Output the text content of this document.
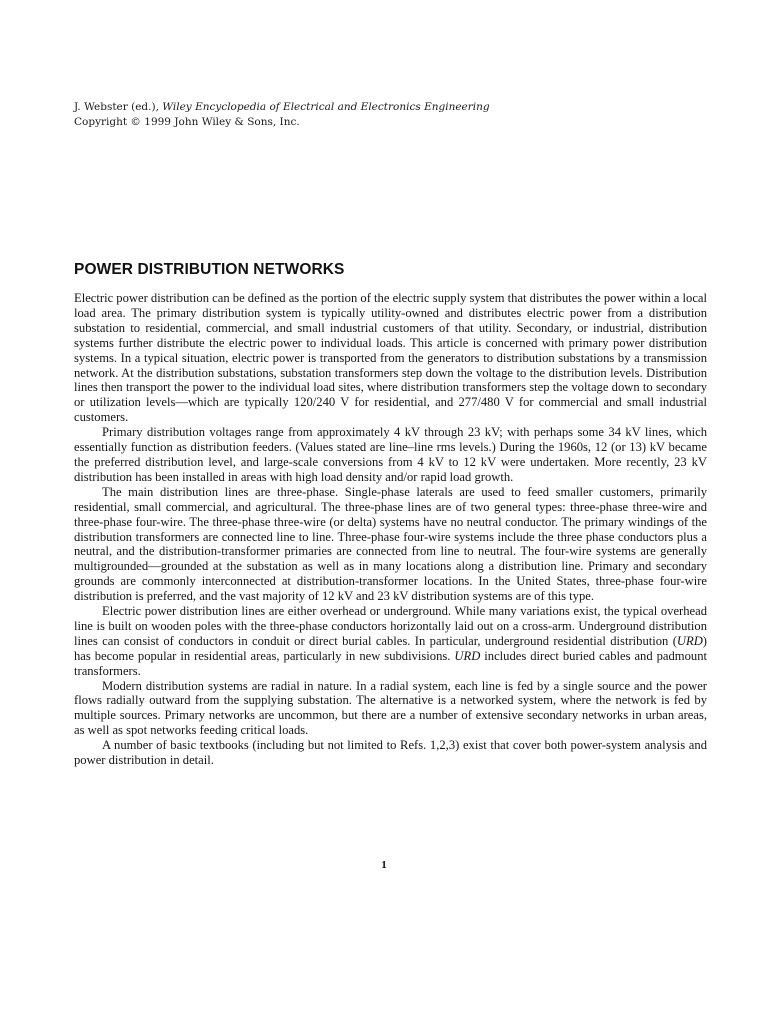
J. Webster (ed.), Wiley Encyclopedia of Electrical and Electronics Engineering
Copyright © 1999 John Wiley & Sons, Inc.
POWER DISTRIBUTION NETWORKS

Electric power distribution can be defined as the portion of the electric supply system that distributes the power within a local load area. The primary distribution system is typically utility-owned and distributes electric power from a distribution substation to residential, commercial, and small industrial customers of that utility. Secondary, or industrial, distribution systems further distribute the electric power to individual loads. This article is concerned with primary power distribution systems. In a typical situation, electric power is transported from the generators to distribution substations by a transmission network. At the distribution substations, substation transformers step down the voltage to the distribution levels. Distribution lines then transport the power to the individual load sites, where distribution transformers step the voltage down to secondary or utilization levels—which are typically 120/240 V for residential, and 277/480 V for commercial and small industrial customers.

Primary distribution voltages range from approximately 4 kV through 23 kV; with perhaps some 34 kV lines, which essentially function as distribution feeders. (Values stated are line–line rms levels.) During the 1960s, 12 (or 13) kV became the preferred distribution level, and large-scale conversions from 4 kV to 12 kV were undertaken. More recently, 23 kV distribution has been installed in areas with high load density and/or rapid load growth.

The main distribution lines are three-phase. Single-phase laterals are used to feed smaller customers, primarily residential, small commercial, and agricultural. The three-phase lines are of two general types: three-phase three-wire and three-phase four-wire. The three-phase three-wire (or delta) systems have no neutral conductor. The primary windings of the distribution transformers are connected line to line. Three-phase four-wire systems include the three phase conductors plus a neutral, and the distribution-transformer primaries are connected from line to neutral. The four-wire systems are generally multigrounded—grounded at the substation as well as in many locations along a distribution line. Primary and secondary grounds are commonly interconnected at distribution-transformer locations. In the United States, three-phase four-wire distribution is preferred, and the vast majority of 12 kV and 23 kV distribution systems are of this type.

Electric power distribution lines are either overhead or underground. While many variations exist, the typical overhead line is built on wooden poles with the three-phase conductors horizontally laid out on a cross-arm. Underground distribution lines can consist of conductors in conduit or direct burial cables. In particular, underground residential distribution (URD) has become popular in residential areas, particularly in new subdivisions. URD includes direct buried cables and padmount transformers.

Modern distribution systems are radial in nature. In a radial system, each line is fed by a single source and the power flows radially outward from the supplying substation. The alternative is a networked system, where the network is fed by multiple sources. Primary networks are uncommon, but there are a number of extensive secondary networks in urban areas, as well as spot networks feeding critical loads.

A number of basic textbooks (including but not limited to Refs. 1,2,3) exist that cover both power-system analysis and power distribution in detail.

1
